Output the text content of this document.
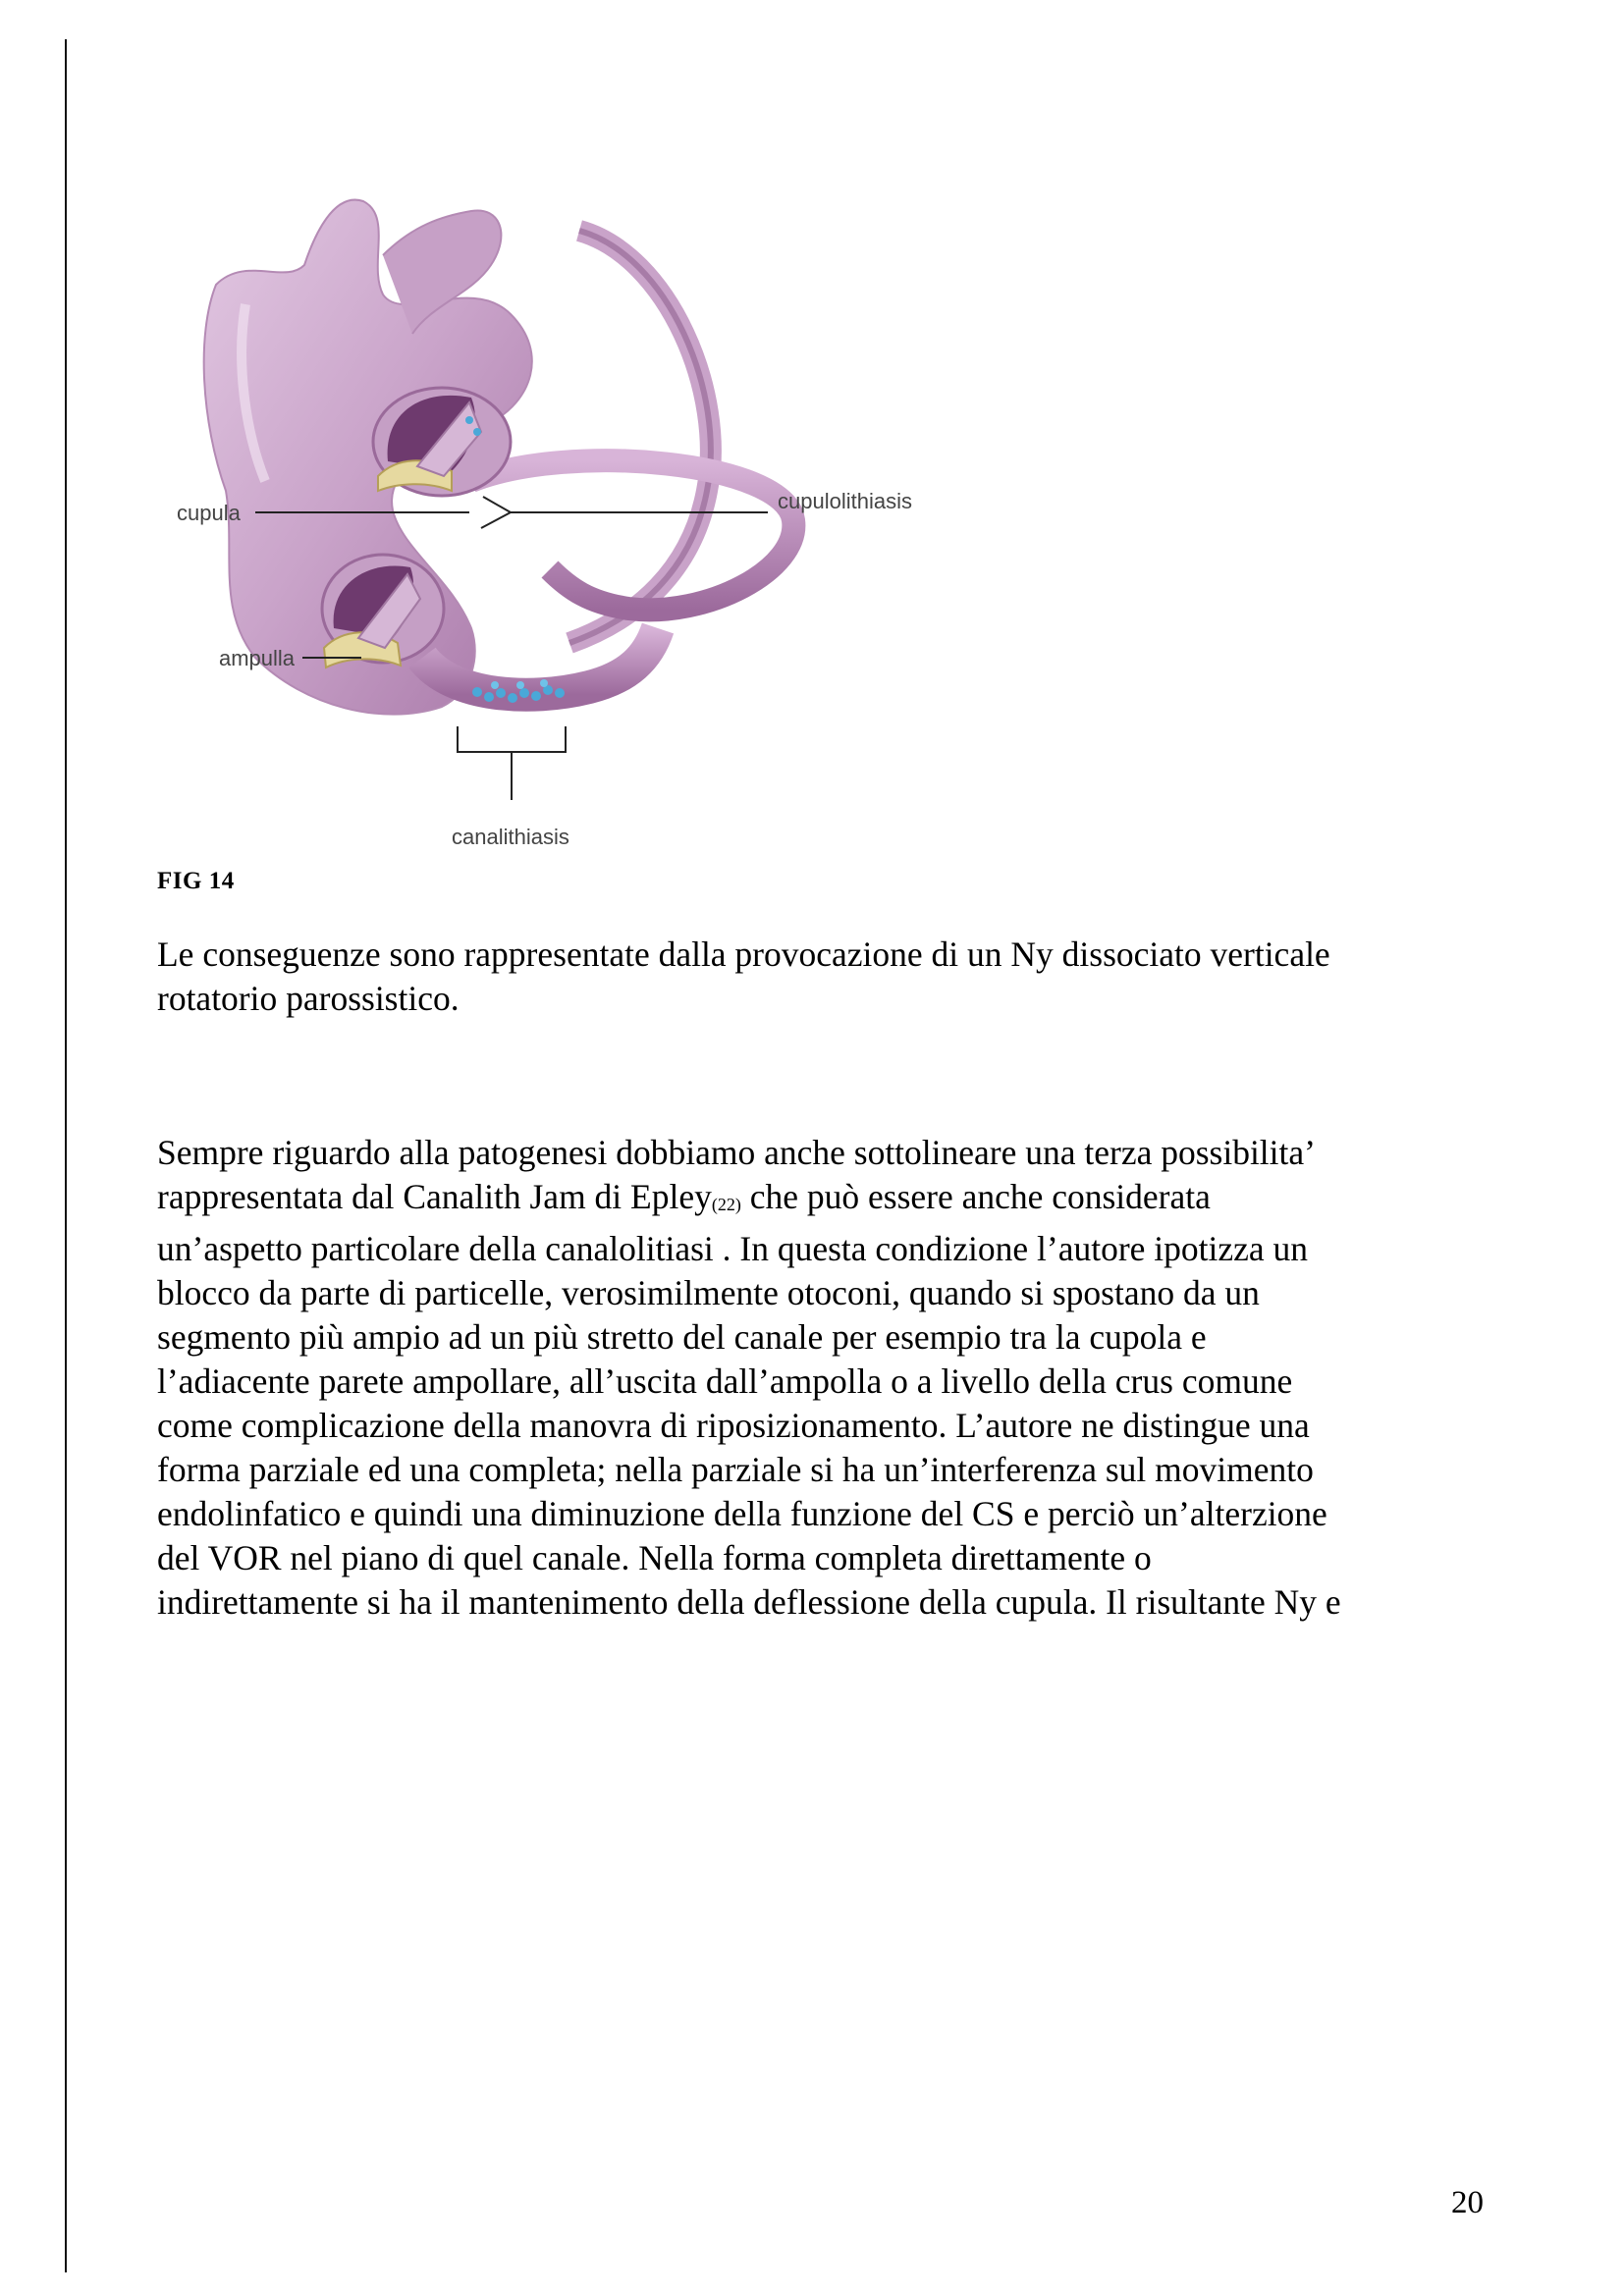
cupula	cupulolithiasis
ampulla
canalithiasis
FIG 14
Le conseguenze sono rappresentate dalla provocazione di un Ny dissociato verticale
rotatorio parossistico.
Sempre riguardo alla patogenesi dobbiamo anche sottolineare una terza possibilita’
rappresentata dal Canalith Jam di Epley$_{(22)}$ che può essere anche considerata
un’aspetto particolare della canalolitiasi . In questa condizione l’autore ipotizza un
blocco da parte di particelle, verosimilmente otoconi, quando si spostano da un
segmento più ampio ad un più stretto del canale per esempio tra la cupola e
l’adiacente parete ampollare, all’uscita dall’ampolla o a livello della crus comune
come complicazione della manovra di riposizionamento. L’autore ne distingue una
forma parziale ed una completa; nella parziale si ha un’interferenza sul movimento
endolinfatico e quindi una diminuzione della funzione del CS e perciò un’alterzione
del VOR nel piano di quel canale. Nella forma completa direttamente o
indirettamente si ha il mantenimento della deflessione della cupula. Il risultante Ny e
20
